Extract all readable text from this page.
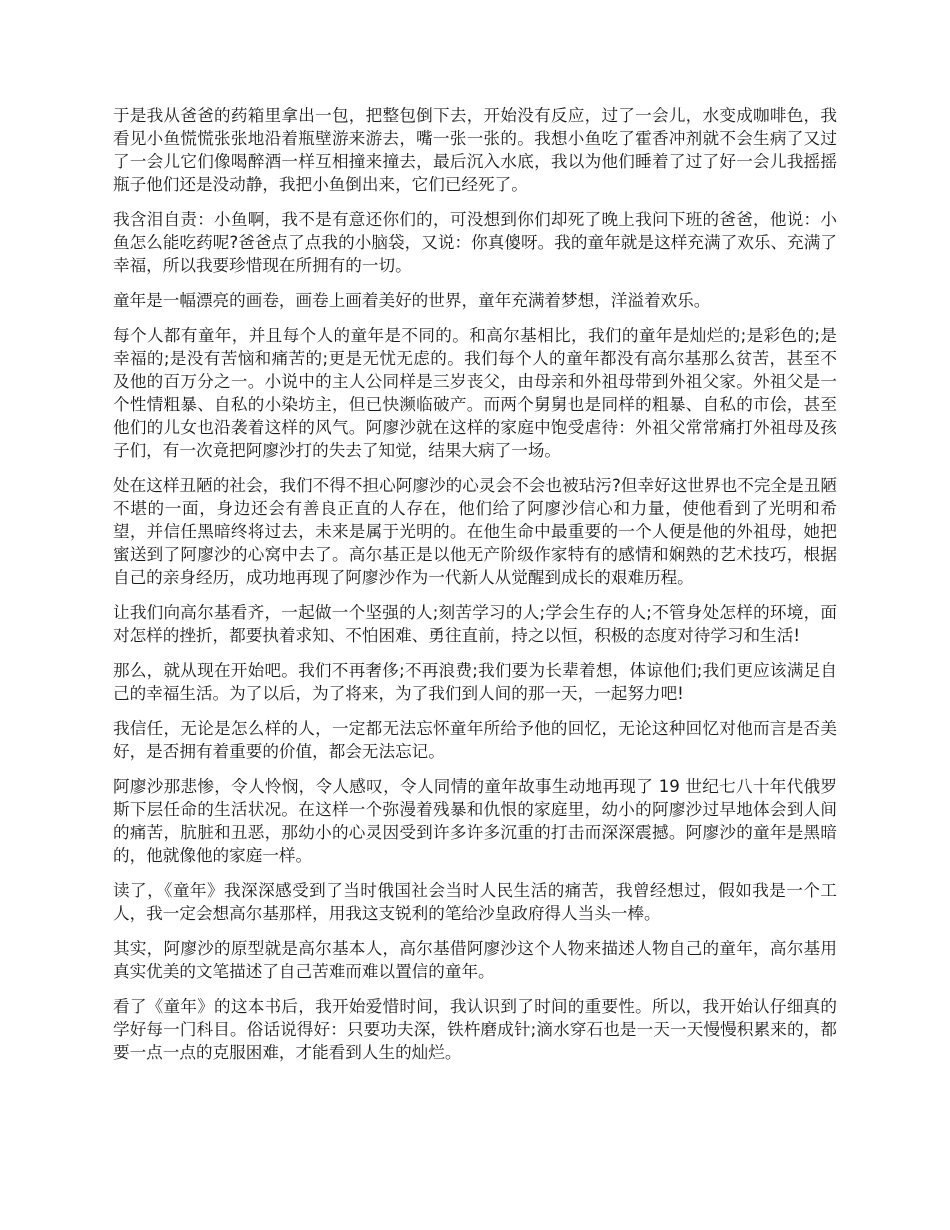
于是我从爸爸的药箱里拿出一包，把整包倒下去，开始没有反应，过了一会儿，水变成咖啡色，我看见小鱼慌慌张张地沿着瓶壁游来游去，嘴一张一张的。我想小鱼吃了霍香冲剂就不会生病了又过了一会儿它们像喝醉酒一样互相撞来撞去，最后沉入水底，我以为他们睡着了过了好一会儿我摇摇瓶子他们还是没动静，我把小鱼倒出来，它们已经死了。

我含泪自责：小鱼啊，我不是有意还你们的，可没想到你们却死了晚上我问下班的爸爸，他说：小鱼怎么能吃药呢?爸爸点了点我的小脑袋，又说：你真傻呀。我的童年就是这样充满了欢乐、充满了幸福，所以我要珍惜现在所拥有的一切。

童年是一幅漂亮的画卷，画卷上画着美好的世界，童年充满着梦想，洋溢着欢乐。

每个人都有童年，并且每个人的童年是不同的。和高尔基相比，我们的童年是灿烂的;是彩色的;是幸福的;是没有苦恼和痛苦的;更是无忧无虑的。我们每个人的童年都没有高尔基那么贫苦，甚至不及他的百万分之一。小说中的主人公同样是三岁丧父，由母亲和外祖母带到外祖父家。外祖父是一个性情粗暴、自私的小染坊主，但已快濒临破产。而两个舅舅也是同样的粗暴、自私的市侩，甚至他们的儿女也沿袭着这样的风气。阿廖沙就在这样的家庭中饱受虐待：外祖父常常痛打外祖母及孩子们，有一次竟把阿廖沙打的失去了知觉，结果大病了一场。

处在这样丑陋的社会，我们不得不担心阿廖沙的心灵会不会也被玷污?但幸好这世界也不完全是丑陋不堪的一面，身边还会有善良正直的人存在，他们给了阿廖沙信心和力量，使他看到了光明和希望，并信任黑暗终将过去，未来是属于光明的。在他生命中最重要的一个人便是他的外祖母，她把蜜送到了阿廖沙的心窝中去了。高尔基正是以他无产阶级作家特有的感情和娴熟的艺术技巧，根据自己的亲身经历，成功地再现了阿廖沙作为一代新人从觉醒到成长的艰难历程。

让我们向高尔基看齐，一起做一个坚强的人;刻苦学习的人;学会生存的人;不管身处怎样的环境，面对怎样的挫折，都要执着求知、不怕困难、勇往直前，持之以恒，积极的态度对待学习和生活!

那么，就从现在开始吧。我们不再奢侈;不再浪费;我们要为长辈着想，体谅他们;我们更应该满足自己的幸福生活。为了以后，为了将来，为了我们到人间的那一天，一起努力吧!

我信任，无论是怎么样的人，一定都无法忘怀童年所给予他的回忆，无论这种回忆对他而言是否美好，是否拥有着重要的价值，都会无法忘记。

阿廖沙那悲惨，令人怜悯，令人感叹，令人同情的童年故事生动地再现了 19 世纪七八十年代俄罗斯下层任命的生活状况。在这样一个弥漫着残暴和仇恨的家庭里，幼小的阿廖沙过早地体会到人间的痛苦，肮脏和丑恶，那幼小的心灵因受到许多许多沉重的打击而深深震撼。阿廖沙的童年是黑暗的，他就像他的家庭一样。

读了，《童年》我深深感受到了当时俄国社会当时人民生活的痛苦，我曾经想过，假如我是一个工人，我一定会想高尔基那样，用我这支锐利的笔给沙皇政府得人当头一棒。

其实，阿廖沙的原型就是高尔基本人，高尔基借阿廖沙这个人物来描述人物自己的童年，高尔基用真实优美的文笔描述了自己苦难而难以置信的童年。

看了《童年》的这本书后，我开始爱惜时间，我认识到了时间的重要性。所以，我开始认仔细真的学好每一门科目。俗话说得好：只要功夫深，铁杵磨成针;滴水穿石也是一天一天慢慢积累来的，都要一点一点的克服困难，才能看到人生的灿烂。
